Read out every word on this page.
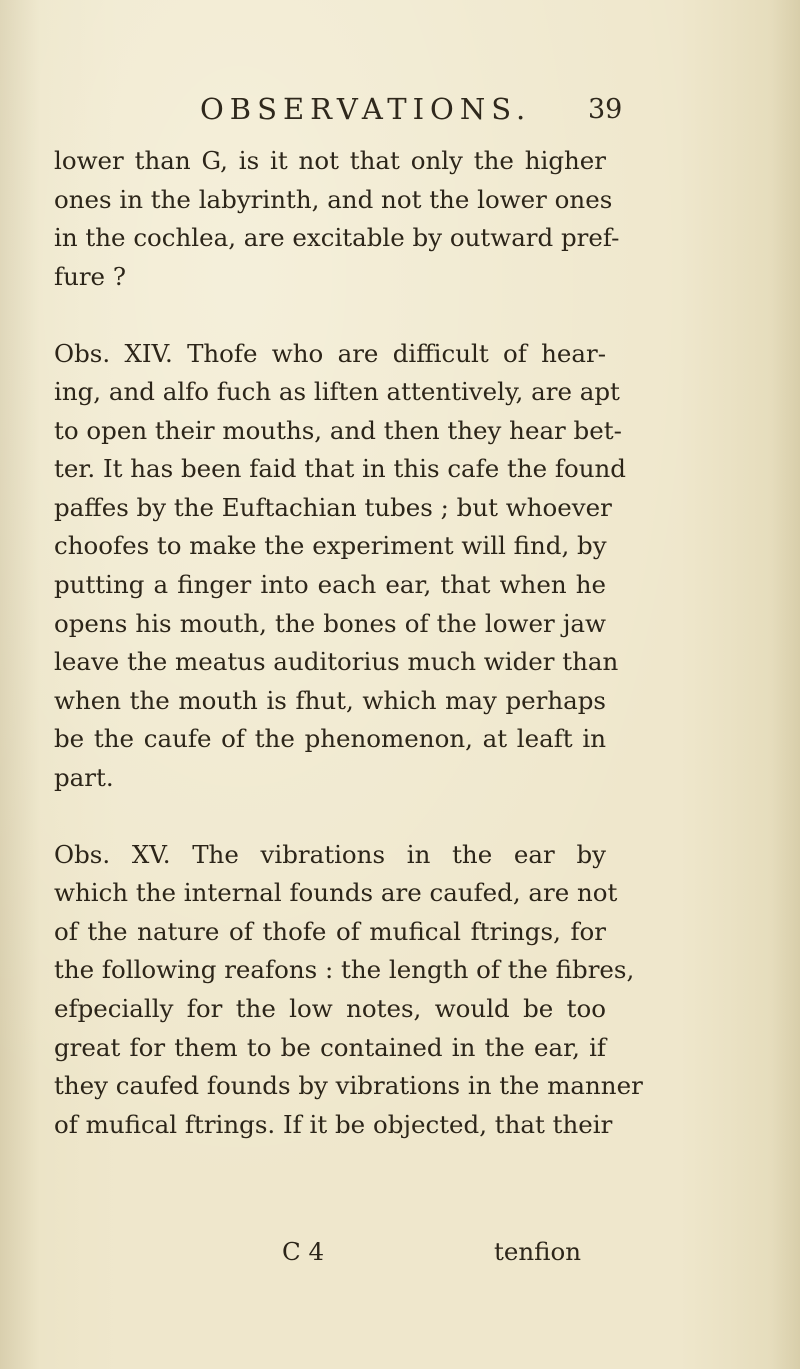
OBSERVATIONS. 39
lower than G, is it not that only the higher
ones in the labyrinth, and not the lower ones
in the cochlea, are excitable by outward pref-
fure ?
Obs. XIV. Thofe who are difficult of hear-
ing, and alfo fuch as liften attentively, are apt
to open their mouths, and then they hear bet-
ter. It has been faid that in this cafe the found
paffes by the Euftachian tubes ; but whoever
choofes to make the experiment will find, by
putting a finger into each ear, that when he
opens his mouth, the bones of the lower jaw
leave the meatus auditorius much wider than
when the mouth is fhut, which may perhaps
be the caufe of the phenomenon, at leaft in
part.
Obs. XV. The vibrations in the ear by
which the internal founds are caufed, are not
of the nature of thofe of mufical ftrings, for
the following reafons : the length of the fibres,
efpecially for the low notes, would be too
great for them to be contained in the ear, if
they caufed founds by vibrations in the manner
of mufical ftrings. If it be objected, that their
C 4	tenfion
